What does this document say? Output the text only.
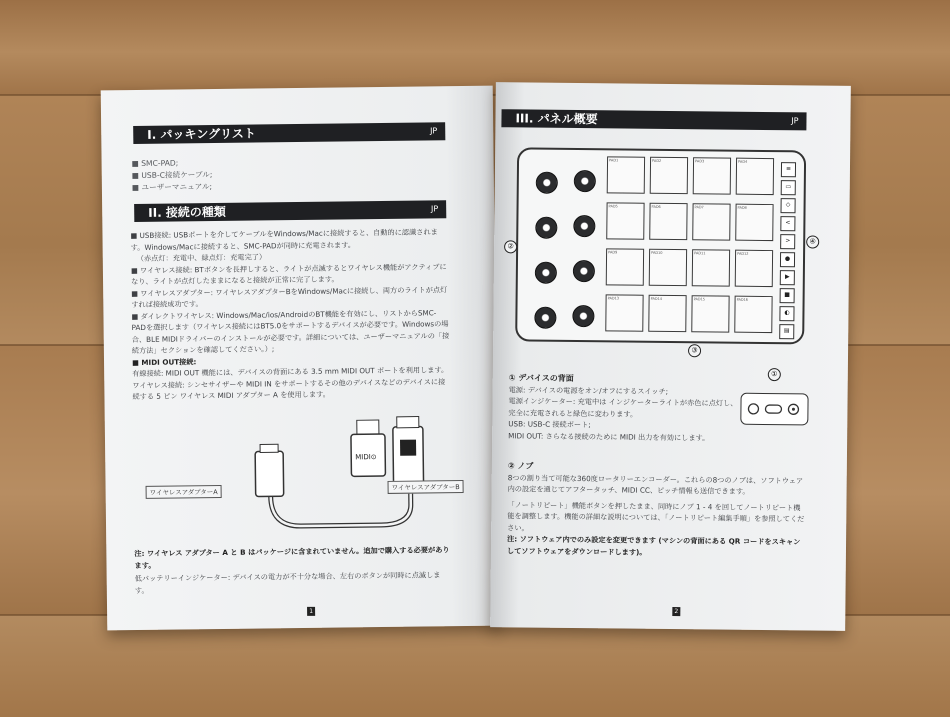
I. パッキングリスト	JP
■ SMC-PAD;
■ USB-C接続ケーブル;
■ ユーザーマニュアル;
II. 接続の種類	JP
■ USB接続: USBポートを介してケーブルをWindows/Macに接続すると、自動的に認識されます。Windows/Macに接続すると、SMC-PADが同時に充電されます。
（赤点灯：充電中、緑点灯：充電完了）
■ ワイヤレス接続: BTボタンを長押しすると、ライトが点滅するとワイヤレス機能がアクティブになり、ライトが点灯したままになると接続が正常に完了します。
■ ワイヤレスアダプター: ワイヤレスアダプターBをWindows/Macに接続し、両方のライトが点灯すれば接続成功です。
■ ダイレクトワイヤレス: Windows/Mac/ios/AndroidのBT機能を有効にし、リストからSMC-PADを選択します（ワイヤレス接続にはBT5.0をサポートするデバイスが必要です。Windowsの場合、BLE MIDIドライバーのインストールが必要です。詳細については、ユーザーマニュアルの「接続方法」セクションを確認してください。）;
■ MIDI OUT接続:
有線接続: MIDI OUT 機能には、デバイスの背面にある 3.5 mm MIDI OUT ポートを利用します。
ワイヤレス接続: シンセサイザーや MIDI IN をサポートするその他のデバイスなどのデバイスに接続する 5 ピン ワイヤレス MIDI アダプター A を使用します。
MIDI⊙
ワイヤレスアダプターA
ワイヤレスアダプターB
注: ワイヤレス アダプター A と B はパッケージに含まれていません。追加で購入する必要があります。
低バッテリーインジケーター: デバイスの電力が不十分な場合、左右のボタンが同時に点滅します。
1
III. パネル概要	JP
PAD1	PAD2	PAD3	PAD4
PAD5	PAD6	PAD7	PAD8
PAD9	PAD10	PAD11	PAD12
PAD13	PAD14	PAD15	PAD16
≡
▭
◇
<
>
●
▶
■
◐
▤
②
④
③
①
① デバイスの背面
電源: デバイスの電源をオン/オフにするスイッチ;
電源インジケーター: 充電中は インジケーターライトが赤色に点灯し、完全に充電されると緑色に変わります。
USB: USB-C 接続ポート;
MIDI OUT: さらなる接続のために MIDI 出力を有効にします。
② ノブ
8つの割り当て可能な360度ロータリーエンコーダー。これらの8つのノブは、ソフトウェア内の設定を通じてアフタータッチ、MIDI CC、ピッチ情報も送信できます。
「ノートリピート」機能ボタンを押したまま、同時にノブ 1 - 4 を回してノートリピート機能を調整します。機能の詳細な説明については、「ノートリピート編集手順」を参照してください。
注: ソフトウェア内でのみ設定を変更できます (マシンの背面にある QR コードをスキャンしてソフトウェアをダウンロードします)。
2
